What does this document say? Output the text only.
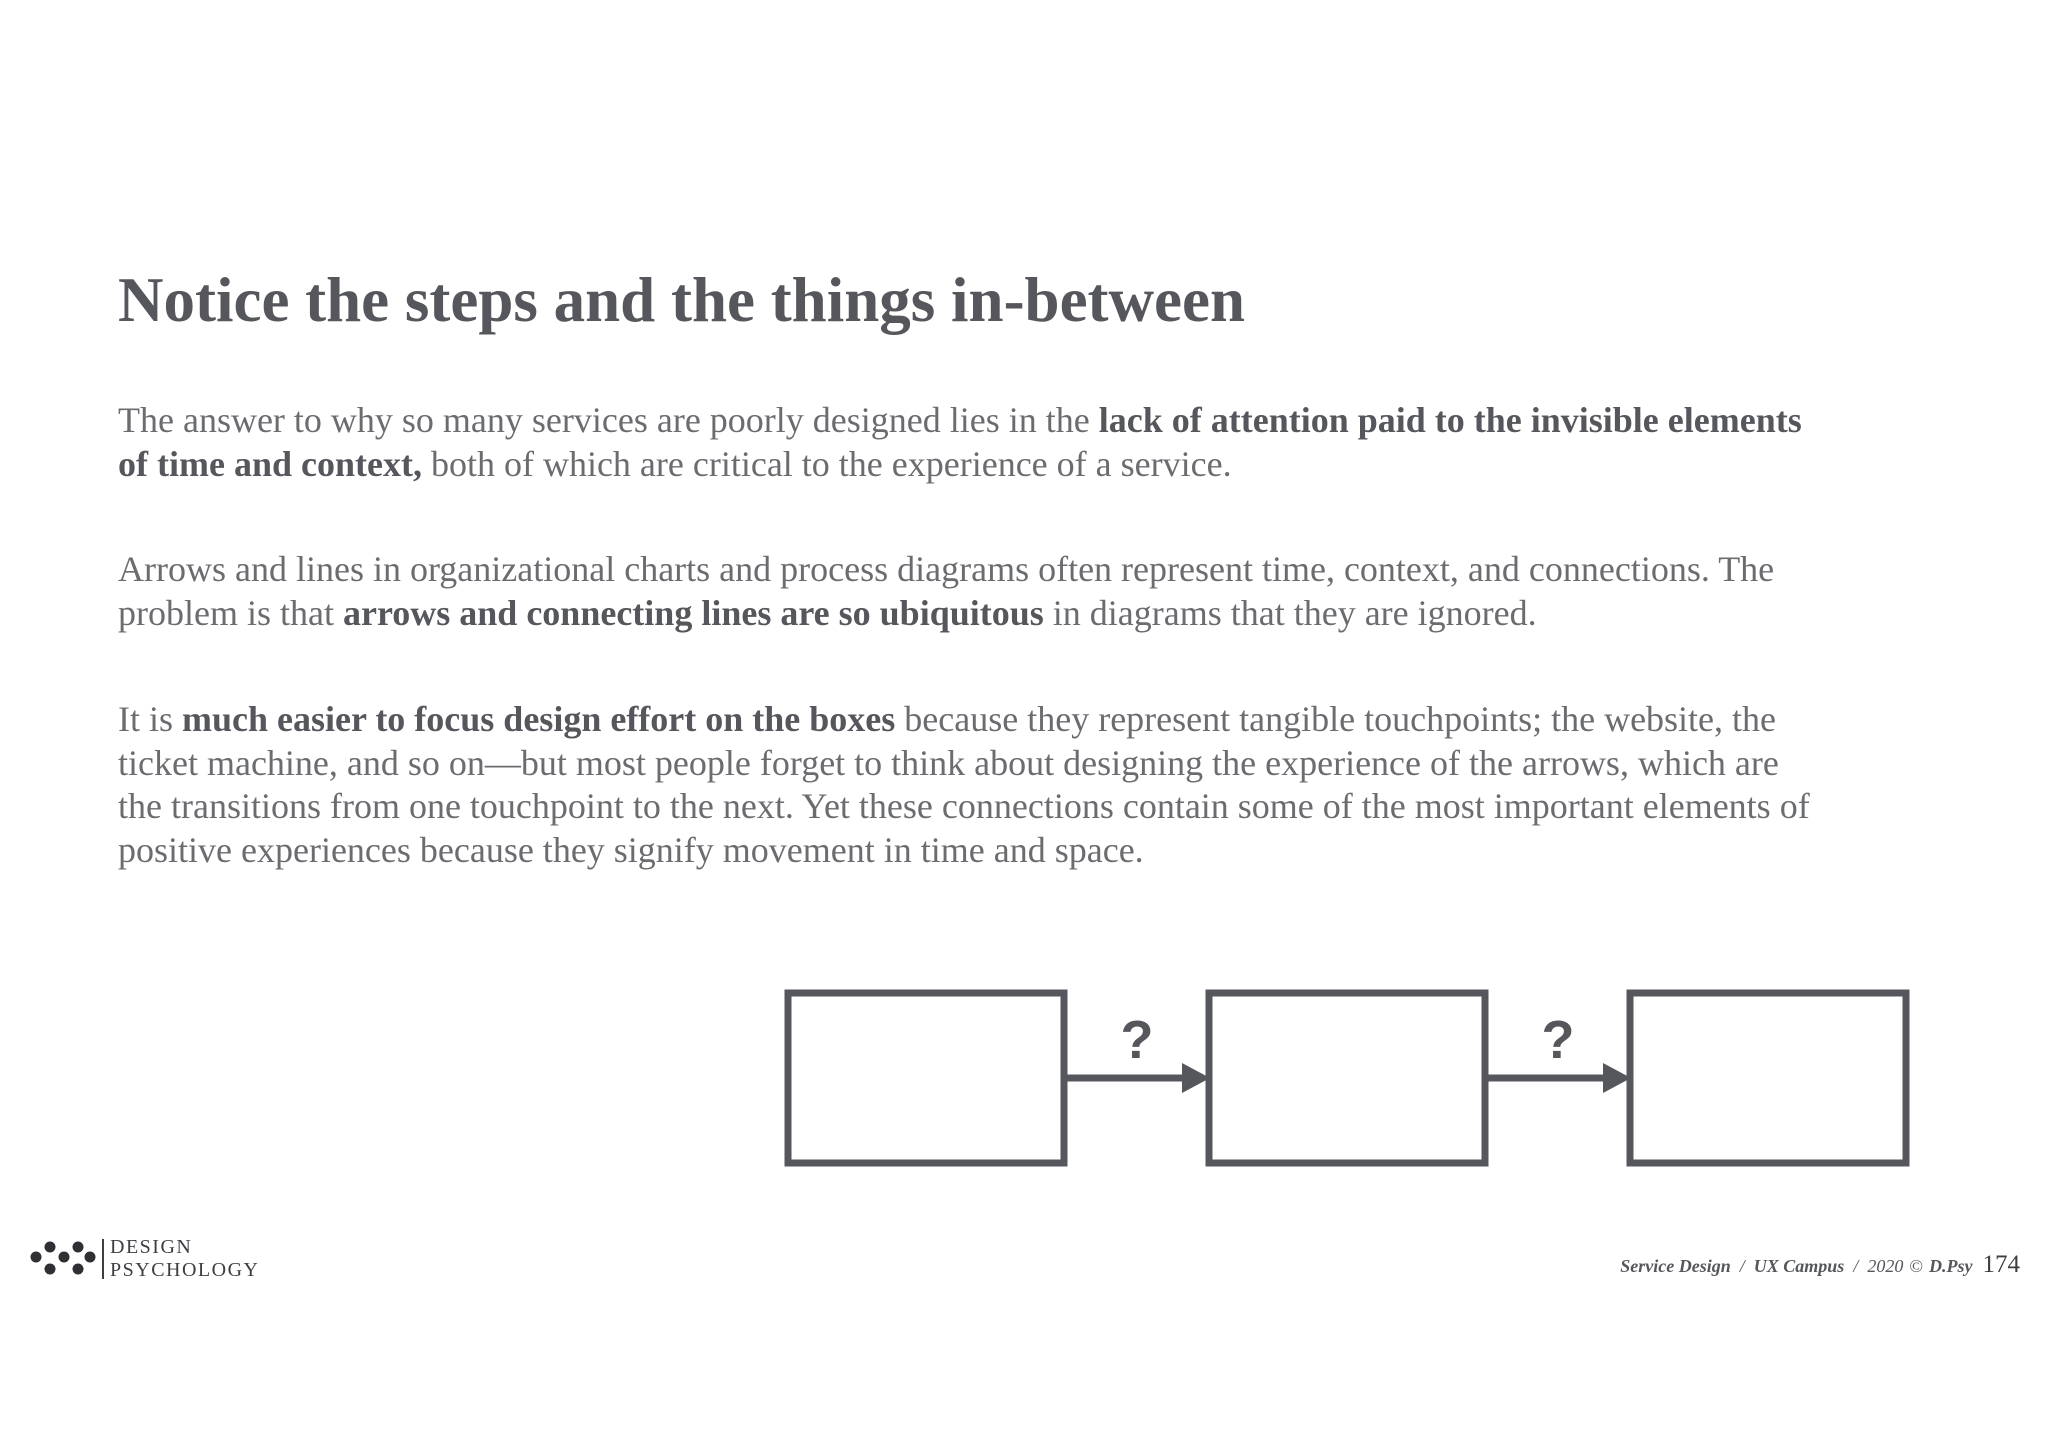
Notice the steps and the things in-between

The answer to why so many services are poorly designed lies in the lack of attention paid to the invisible elements of time and context, both of which are critical to the experience of a service.

Arrows and lines in organizational charts and process diagrams often represent time, context, and connections. The problem is that arrows and connecting lines are so ubiquitous in diagrams that they are ignored.

It is much easier to focus design effort on the boxes because they represent tangible touchpoints; the website, the ticket machine, and so on—but most people forget to think about designing the experience of the arrows, which are the transitions from one touchpoint to the next. Yet these connections contain some of the most important elements of positive experiences because they signify movement in time and space.

?	?
DESIGN
PSYCHOLOGY	Service Design / UX Campus / 2020 © D.Psy 174
